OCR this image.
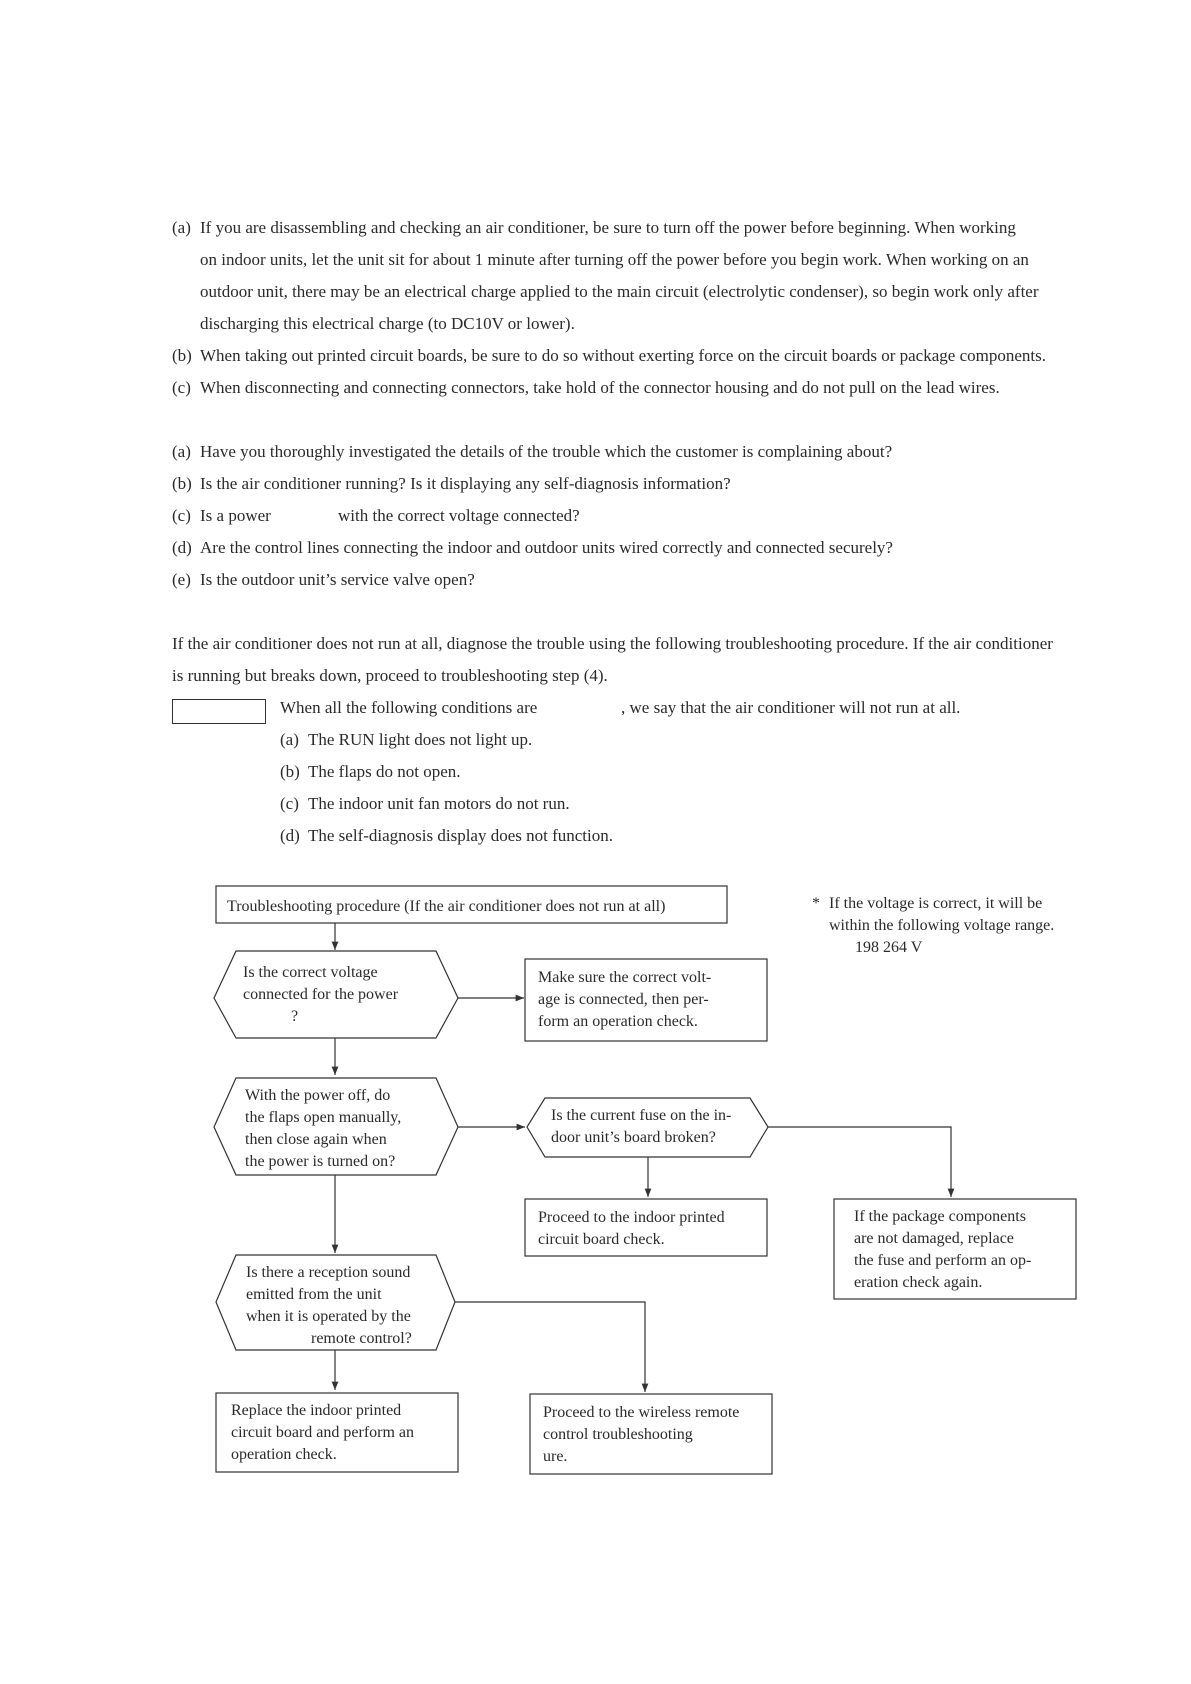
(a) If you are disassembling and checking an air conditioner, be sure to turn off the power before beginning. When working
on indoor units, let the unit sit for about 1 minute after turning off the power before you begin work. When working on an
outdoor unit, there may be an electrical charge applied to the main circuit (electrolytic condenser), so begin work only after
discharging this electrical charge (to DC10V or lower).
(b) When taking out printed circuit boards, be sure to do so without exerting force on the circuit boards or package components.
(c) When disconnecting and connecting connectors, take hold of the connector housing and do not pull on the lead wires.
(a) Have you thoroughly investigated the details of the trouble which the customer is complaining about?
(b) Is the air conditioner running? Is it displaying any self-diagnosis information?
(c) Is a power	with the correct voltage connected?
(d) Are the control lines connecting the indoor and outdoor units wired correctly and connected securely?
(e) Is the outdoor unit’s service valve open?
If the air conditioner does not run at all, diagnose the trouble using the following troubleshooting procedure. If the air conditioner
is running but breaks down, proceed to troubleshooting step (4).
When all the following conditions are	, we say that the air conditioner will not run at all.
(a) The RUN light does not light up.
(b) The flaps do not open.
(c) The indoor unit fan motors do not run.
(d) The self-diagnosis display does not function.
Troubleshooting procedure (If the air conditioner does not run at all)	* If the voltage is correct, it will be
within the following voltage range.
198 264 V
Is the correct voltage
connected for the power
?
Make sure the correct volt-
age is connected, then per-
form an operation check.
With the power off, do
the flaps open manually,
then close again when
the power is turned on?
Is the current fuse on the in-
door unit’s board broken?
Proceed to the indoor printed
circuit board check.
If the package components
are not damaged, replace
the fuse and perform an op-
eration check again.
Is there a reception sound
emitted from the unit
when it is operated by the
remote control?
Replace the indoor printed
circuit board and perform an
operation check.
Proceed to the wireless remote
control troubleshooting
ure.
